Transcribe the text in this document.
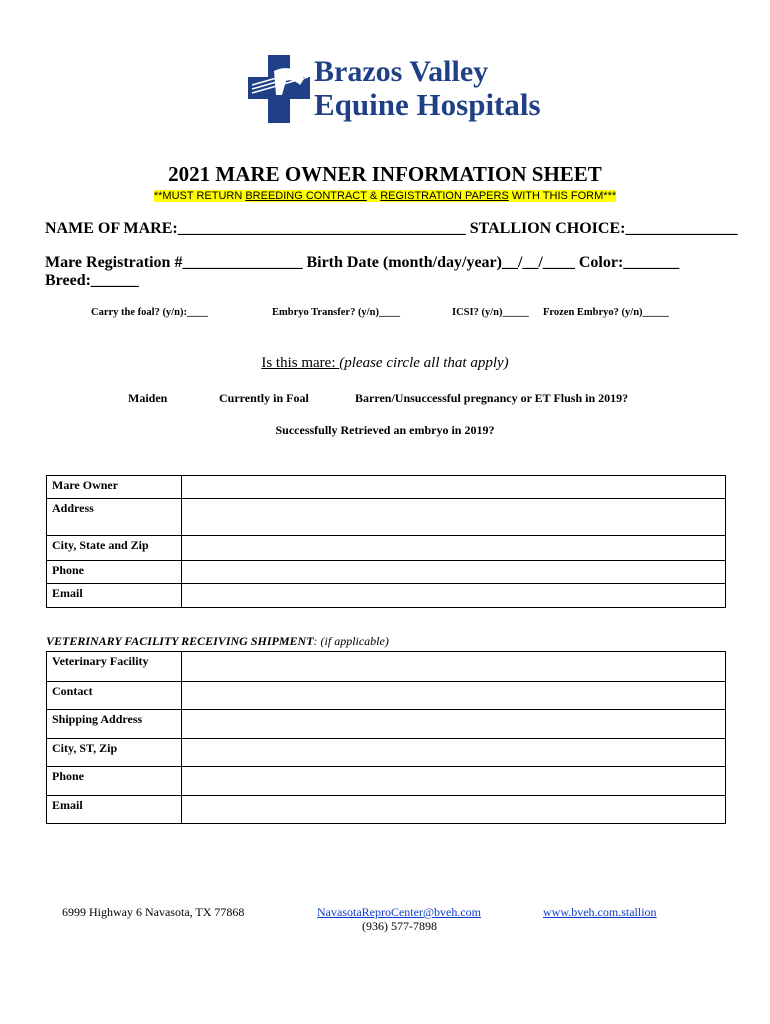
Brazos Valley
Equine Hospitals
2021 MARE OWNER INFORMATION SHEET
**MUST RETURN BREEDING CONTRACT & REGISTRATION PAPERS WITH THIS FORM***
NAME OF MARE:____________________________________ STALLION CHOICE:______________
Mare Registration #_______________ Birth Date (month/day/year)__/__/____ Color:_______
Breed:______
Carry the foal? (y/n):____	Embryo Transfer? (y/n)____	ICSI? (y/n)_____ Frozen Embryo? (y/n)_____
Is this mare: (please circle all that apply)
Maiden	Currently in Foal	Barren/Unsuccessful pregnancy or ET Flush in 2019?
Successfully Retrieved an embryo in 2019?
Mare Owner	
Address	
City, State and Zip	
Phone	
Email	
VETERINARY FACILITY RECEIVING SHIPMENT: (if applicable)
Veterinary Facility	
Contact	
Shipping Address	
City, ST, Zip	
Phone	
Email	
6999 Highway 6 Navasota, TX 77868	NavasotaReproCenter@bveh.com
(936) 577-7898
www.bveh.com.stallion
